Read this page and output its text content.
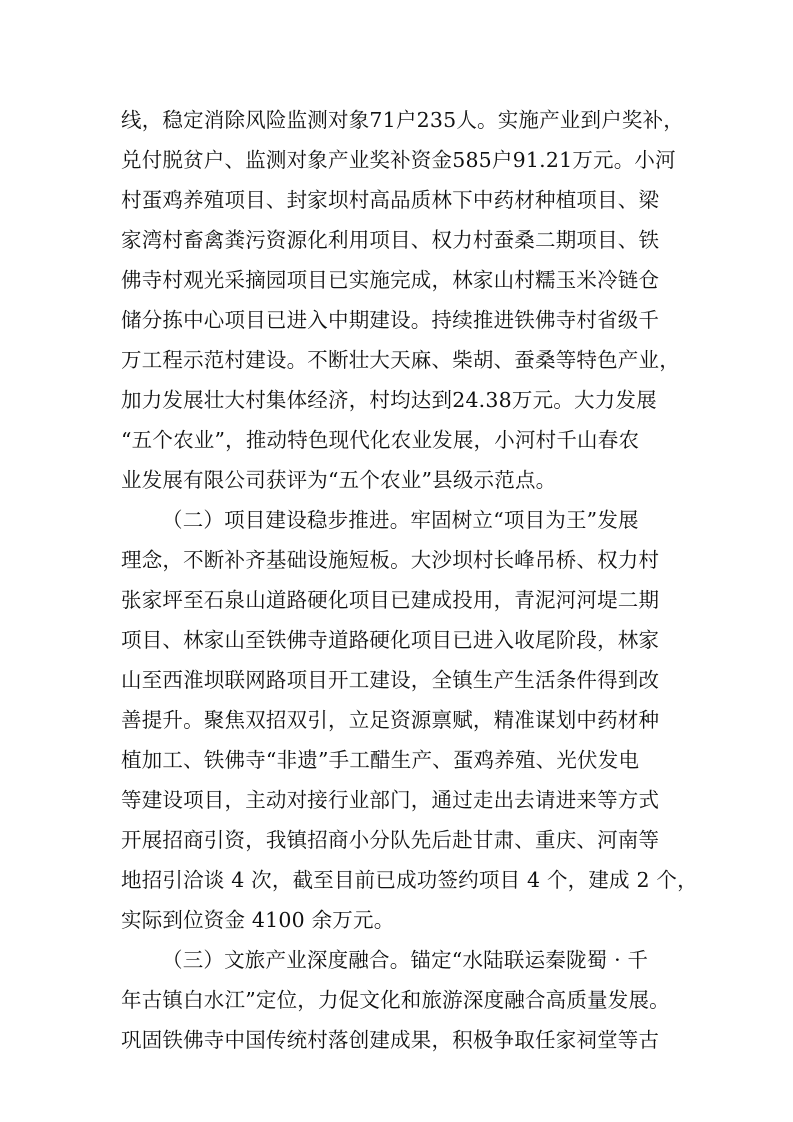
线，稳定消除风险监测对象71户235人。实施产业到户奖补，
兑付脱贫户、监测对象产业奖补资金585户91.21万元。小河
村蛋鸡养殖项目、封家坝村高品质林下中药材种植项目、梁
家湾村畜禽粪污资源化利用项目、权力村蚕桑二期项目、铁
佛寺村观光采摘园项目已实施完成，林家山村糯玉米冷链仓
储分拣中心项目已进入中期建设。持续推进铁佛寺村省级千
万工程示范村建设。不断壮大天麻、柴胡、蚕桑等特色产业，
加力发展壮大村集体经济，村均达到24.38万元。大力发展
“五个农业”，推动特色现代化农业发展，小河村千山春农
业发展有限公司获评为“五个农业”县级示范点。
（二）项目建设稳步推进。牢固树立“项目为王”发展
理念，不断补齐基础设施短板。大沙坝村长峰吊桥、权力村
张家坪至石泉山道路硬化项目已建成投用，青泥河河堤二期
项目、林家山至铁佛寺道路硬化项目已进入收尾阶段，林家
山至西淮坝联网路项目开工建设，全镇生产生活条件得到改
善提升。聚焦双招双引，立足资源禀赋，精准谋划中药材种
植加工、铁佛寺“非遗”手工醋生产、蛋鸡养殖、光伏发电
等建设项目，主动对接行业部门，通过走出去请进来等方式
开展招商引资，我镇招商小分队先后赴甘肃、重庆、河南等
地招引洽谈 4 次，截至目前已成功签约项目 4 个，建成 2 个，
实际到位资金 4100 余万元。
（三）文旅产业深度融合。锚定“水陆联运秦陇蜀 · 千
年古镇白水江”定位，力促文化和旅游深度融合高质量发展。
巩固铁佛寺中国传统村落创建成果，积极争取任家祠堂等古
